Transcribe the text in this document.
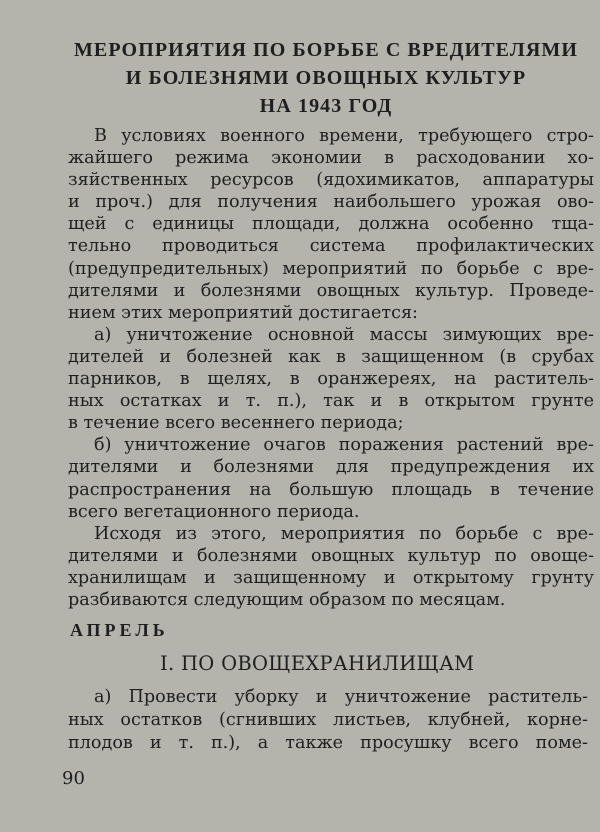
МЕРОПРИЯТИЯ ПО БОРЬБЕ С ВРЕДИТЕЛЯМИ
И БОЛЕЗНЯМИ ОВОЩНЫХ КУЛЬТУР
НА 1943 ГОД
В условиях военного времени, требующего стро-
жайшего режима экономии в расходовании хо-
зяйственных ресурсов (ядохимикатов, аппаратуры
и проч.) для получения наибольшего урожая ово-
щей с единицы площади, должна особенно тща-
тельно проводиться система профилактических
(предупредительных) мероприятий по борьбе с вре-
дителями и болезнями овощных культур. Проведе-
нием этих мероприятий достигается:
а) уничтожение основной массы зимующих вре-
дителей и болезней как в защищенном (в срубах
парников, в щелях, в оранжереях, на раститель-
ных остатках и т. п.), так и в открытом грунте
в течение всего весеннего периода;
б) уничтожение очагов поражения растений вре-
дителями и болезнями для предупреждения их
распространения на большую площадь в течение
всего вегетационного периода.
Исходя из этого, мероприятия по борьбе с вре-
дителями и болезнями овощных культур по овоще-
хранилищам и защищенному и открытому грунту
разбиваются следующим образом по месяцам.
АПРЕЛЬ
I. ПО ОВОЩЕХРАНИЛИЩАМ
а) Провести уборку и уничтожение раститель-
ных остатков (сгнивших листьев, клубней, корне-
плодов и т. п.), а также просушку всего поме-
90
